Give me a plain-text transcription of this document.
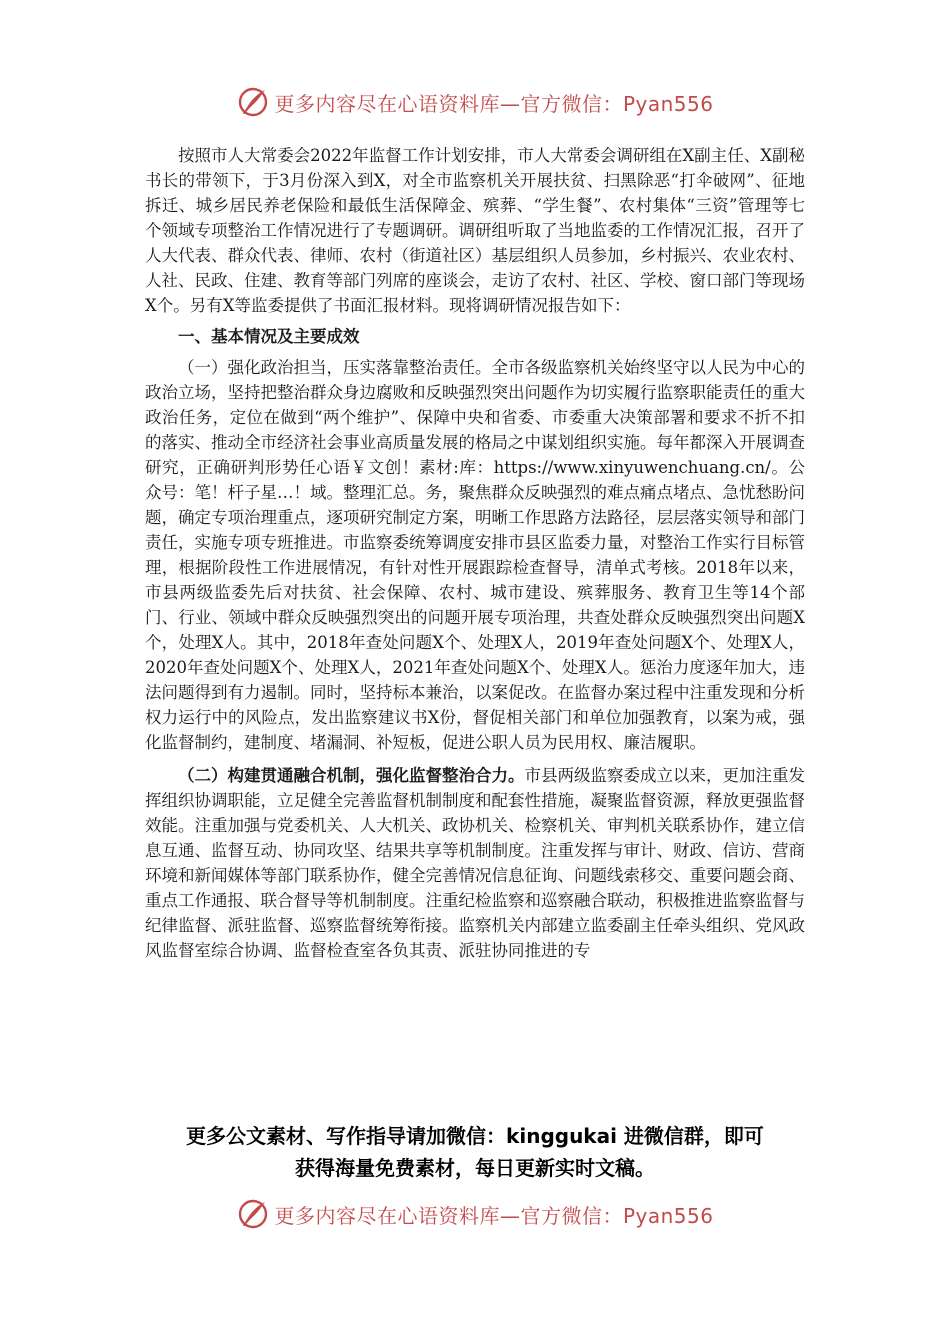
更多内容尽在心语资料库—官方微信：Pyan556

按照市人大常委会2022年监督工作计划安排，市人大常委会调研组在X副主任、X副秘书长的带领下，于3月份深入到X，对全市监察机关开展扶贫、扫黑除恶“打伞破网”、征地拆迁、城乡居民养老保险和最低生活保障金、殡葬、“学生餐”、农村集体“三资”管理等七个领域专项整治工作情况进行了专题调研。调研组听取了当地监委的工作情况汇报，召开了人大代表、群众代表、律师、农村（街道社区）基层组织人员参加，乡村振兴、农业农村、人社、民政、住建、教育等部门列席的座谈会，走访了农村、社区、学校、窗口部门等现场X个。另有X等监委提供了书面汇报材料。现将调研情况报告如下：

一、基本情况及主要成效

（一）强化政治担当，压实落靠整治责任。全市各级监察机关始终坚守以人民为中心的政治立场，坚持把整治群众身边腐败和反映强烈突出问题作为切实履行监察职能责任的重大政治任务，定位在做到“两个维护”、保障中央和省委、市委重大决策部署和要求不折不扣的落实、推动全市经济社会事业高质量发展的格局之中谋划组织实施。每年都深入开展调查研究，正确研判形势任心语￥文创！素材:库：https://www.xinyuwenchuang.cn/。公众号：笔！杆子星…！域。整理汇总。务，聚焦群众反映强烈的难点痛点堵点、急忧愁盼问题，确定专项治理重点，逐项研究制定方案，明晰工作思路方法路径，层层落实领导和部门责任，实施专项专班推进。市监察委统筹调度安排市县区监委力量，对整治工作实行目标管理，根据阶段性工作进展情况，有针对性开展跟踪检查督导，清单式考核。2018年以来，市县两级监委先后对扶贫、社会保障、农村、城市建设、殡葬服务、教育卫生等14个部门、行业、领域中群众反映强烈突出的问题开展专项治理，共查处群众反映强烈突出问题X个，处理X人。其中，2018年查处问题X个、处理X人，2019年查处问题X个、处理X人，2020年查处问题X个、处理X人，2021年查处问题X个、处理X人。惩治力度逐年加大，违法问题得到有力遏制。同时，坚持标本兼治，以案促改。在监督办案过程中注重发现和分析权力运行中的风险点，发出监察建议书X份，督促相关部门和单位加强教育，以案为戒，强化监督制约，建制度、堵漏洞、补短板，促进公职人员为民用权、廉洁履职。

（二）构建贯通融合机制，强化监督整治合力。市县两级监察委成立以来，更加注重发挥组织协调职能，立足健全完善监督机制制度和配套性措施，凝聚监督资源，释放更强监督效能。注重加强与党委机关、人大机关、政协机关、检察机关、审判机关联系协作，建立信息互通、监督互动、协同攻坚、结果共享等机制制度。注重发挥与审计、财政、信访、营商环境和新闻媒体等部门联系协作，健全完善情况信息征询、问题线索移交、重要问题会商、重点工作通报、联合督导等机制制度。注重纪检监察和巡察融合联动，积极推进监察监督与纪律监督、派驻监督、巡察监督统筹衔接。监察机关内部建立监委副主任牵头组织、党风政风监督室综合协调、监督检查室各负其责、派驻协同推进的专

更多公文素材、写作指导请加微信：kinggukai 进微信群，即可
获得海量免费素材，每日更新实时文稿。
更多内容尽在心语资料库—官方微信：Pyan556
